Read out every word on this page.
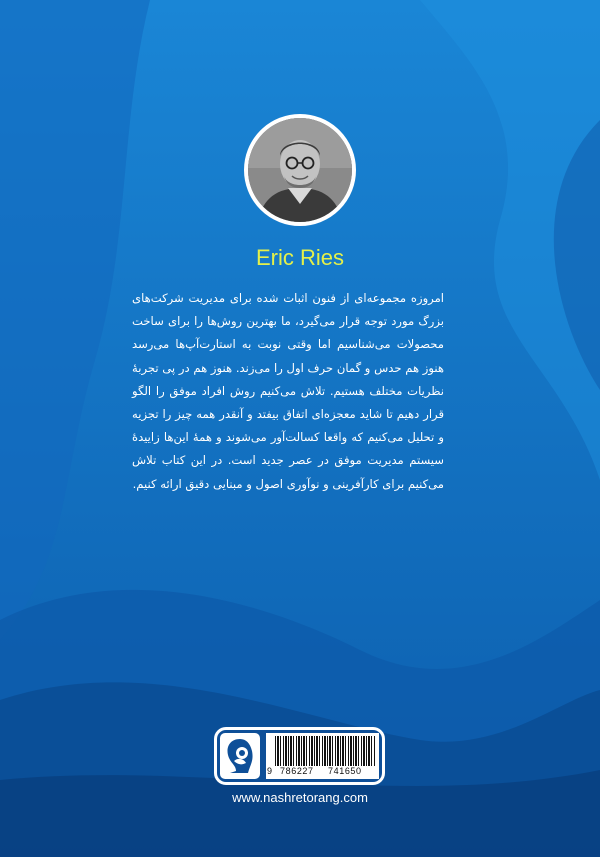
Eric Ries
امروزه مجموعه‌ای از فنون اثبات شده برای مدیریت شرکت‌های بزرگ مورد توجه قرار می‌گیرد، ما بهترین روش‌ها را برای ساخت محصولات می‌شناسیم اما وقتی نوبت به استارت‌آپ‌ها می‌رسد هنوز هم حدس و گمان حرف اول را می‌زند. هنوز هم در پی تجربهٔ نظریات مختلف هستیم. تلاش می‌کنیم روش افراد موفق را الگو قرار دهیم تا شاید معجزه‌ای اتفاق بیفتد و آنقدر همه چیز را تجزیه و تحلیل می‌کنیم که واقعا کسالت‌آور می‌شوند و همهٔ این‌ها زاییدهٔ سیستم مدیریت موفق در عصر جدید است. در این کتاب تلاش می‌کنیم برای کارآفرینی و نوآوری اصول و مبنایی دقیق ارائه کنیم.
9 786227 741650
www.nashretorang.com
